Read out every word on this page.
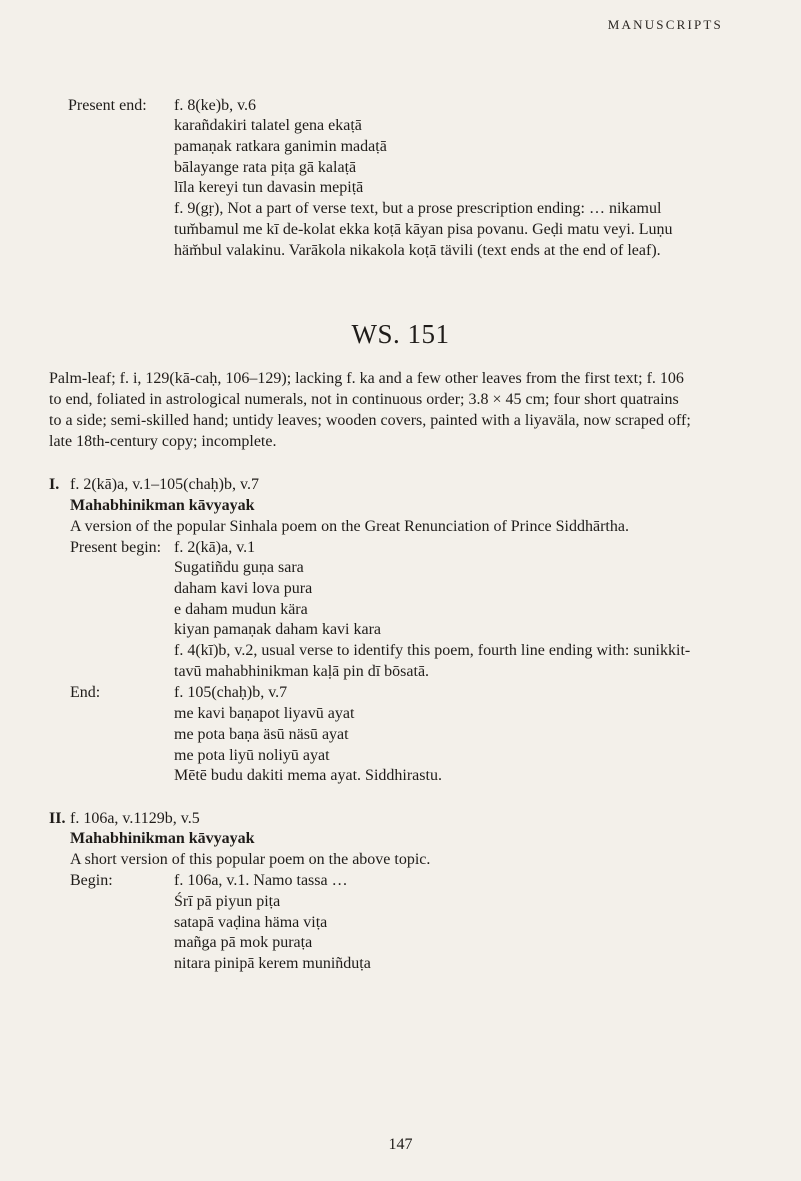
MANUSCRIPTS
Present end: f. 8(ke)b, v.6
karañdakiri talatel gena ekaṭā
pamaṇak ratkara ganimin madaṭā
bālayange rata piṭa gā kalaṭā
līla kereyi tun davasin mepiṭā
f. 9(gṛ), Not a part of verse text, but a prose prescription ending: … nikamul
tum̆bamul me kī de-kolat ekka koṭā kāyan pisa povanu. Geḍi matu veyi. Luṇu
häm̆bul valakinu. Varākola nikakola koṭā tävili (text ends at the end of leaf).
WS. 151
Palm-leaf; f. i, 129(kā-caḥ, 106–129); lacking f. ka and a few other leaves from the first text; f. 106
to end, foliated in astrological numerals, not in continuous order; 3.8 × 45 cm; four short quatrains
to a side; semi-skilled hand; untidy leaves; wooden covers, painted with a liyaväla, now scraped off;
late 18th-century copy; incomplete.
I. f. 2(kā)a, v.1–105(chaḥ)b, v.7
Mahabhinikman kāvyayak
A version of the popular Sinhala poem on the Great Renunciation of Prince Siddhārtha.
Present begin: f. 2(kā)a, v.1
Sugatiñdu guṇa sara
daham kavi lova pura
e daham mudun kära
kiyan pamaṇak daham kavi kara
f. 4(kī)b, v.2, usual verse to identify this poem, fourth line ending with: sunikkit-
tavū mahabhinikman kaḷā pin dī bōsatā.
End:	f. 105(chaḥ)b, v.7
me kavi baṇapot liyavū ayat
me pota baṇa äsū näsū ayat
me pota liyū noliyū ayat
Mētē budu dakiti mema ayat. Siddhirastu.
II. f. 106a, v.1129b, v.5
Mahabhinikman kāvyayak
A short version of this popular poem on the above topic.
Begin:	f. 106a, v.1. Namo tassa …
Śrī pā piyun piṭa
satapā vaḍina häma viṭa
mañga pā mok puraṭa
nitara pinipā kerem muniñduṭa
147
